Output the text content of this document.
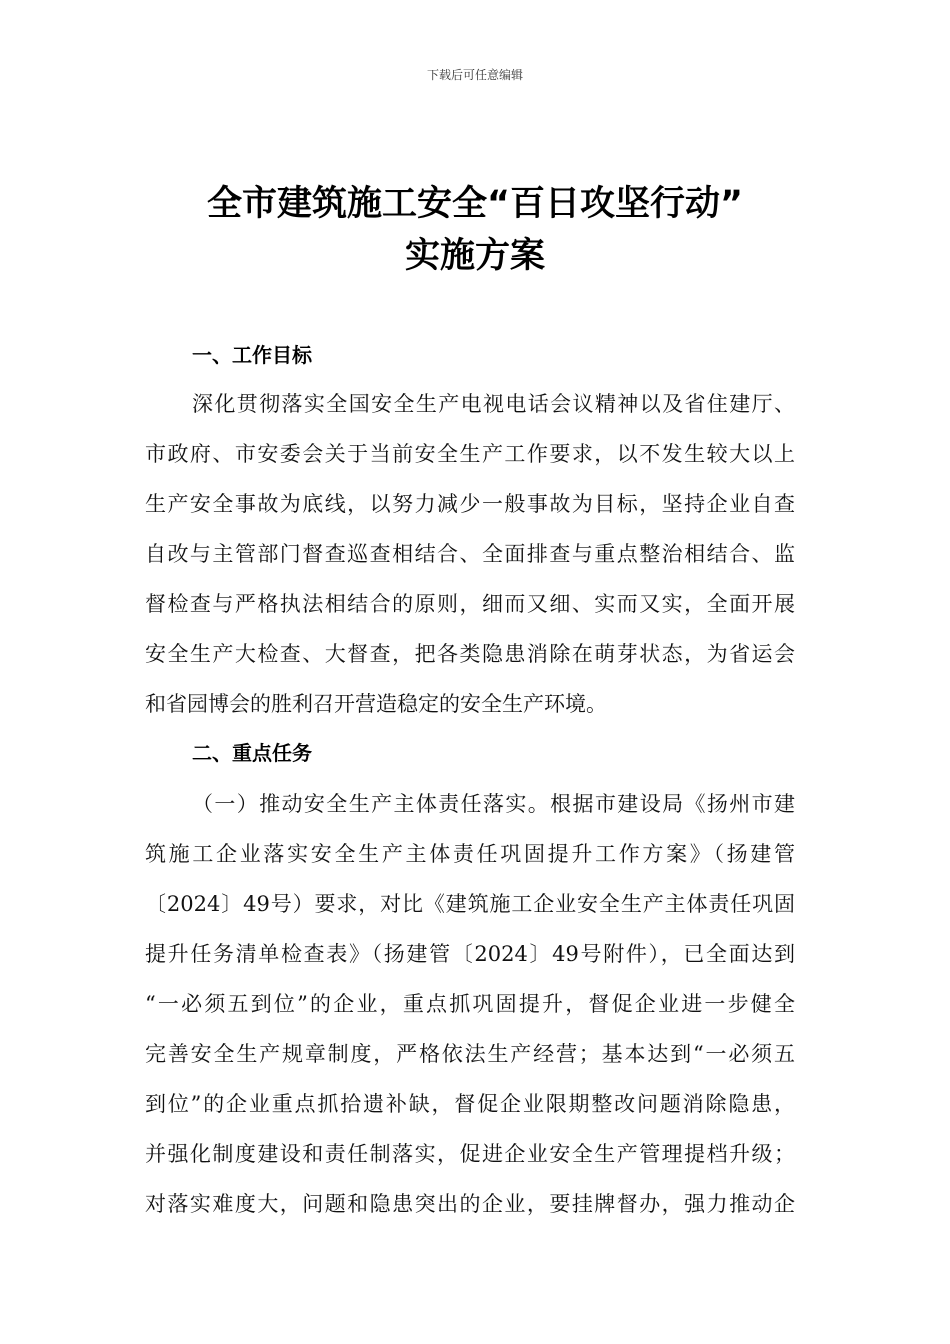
下载后可任意编辑
全市建筑施工安全“百日攻坚行动”
实施方案
一、工作目标
深化贯彻落实全国安全生产电视电话会议精神以及省住建厅、
市政府、市安委会关于当前安全生产工作要求，以不发生较大以上
生产安全事故为底线，以努力减少一般事故为目标，坚持企业自查
自改与主管部门督查巡查相结合、全面排查与重点整治相结合、监
督检查与严格执法相结合的原则，细而又细、实而又实，全面开展
安全生产大检查、大督查，把各类隐患消除在萌芽状态，为省运会
和省园博会的胜利召开营造稳定的安全生产环境。
二、重点任务
（一）推动安全生产主体责任落实。根据市建设局《扬州市建
筑施工企业落实安全生产主体责任巩固提升工作方案》（扬建管
〔2024〕49号）要求，对比《建筑施工企业安全生产主体责任巩固
提升任务清单检查表》（扬建管〔2024〕49号附件），已全面达到
“一必须五到位”的企业，重点抓巩固提升，督促企业进一步健全
完善安全生产规章制度，严格依法生产经营；基本达到“一必须五
到位”的企业重点抓拾遗补缺，督促企业限期整改问题消除隐患，
并强化制度建设和责任制落实，促进企业安全生产管理提档升级；
对落实难度大，问题和隐患突出的企业，要挂牌督办，强力推动企
